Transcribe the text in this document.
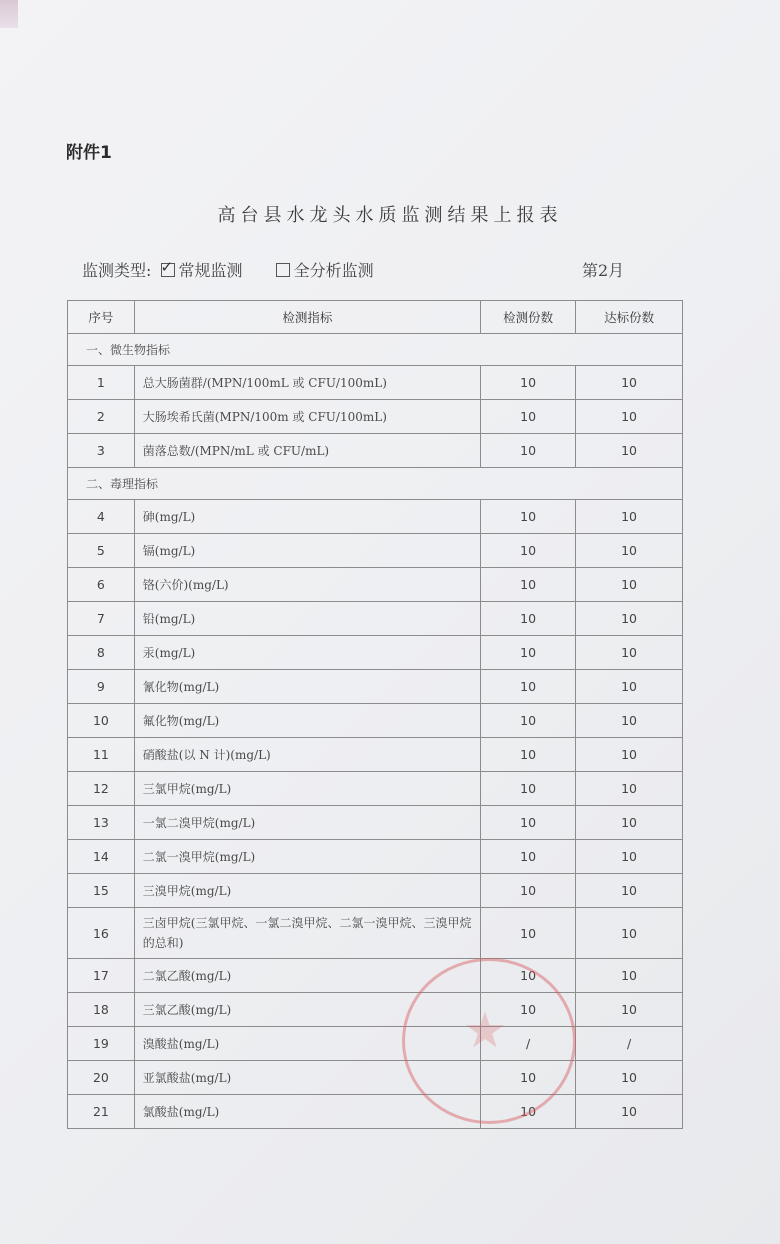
附件1
高台县水龙头水质监测结果上报表
监测类型: ✓ 常规监测	全分析监测	第2月
序号	检测指标	检测份数	达标份数
一、微生物指标			
1	总大肠菌群/(MPN/100mL 或 CFU/100mL)	10	10
2	大肠埃希氏菌(MPN/100m 或 CFU/100mL)	10	10
3	菌落总数/(MPN/mL 或 CFU/mL)	10	10
二、毒理指标			
4	砷(mg/L)	10	10
5	镉(mg/L)	10	10
6	铬(六价)(mg/L)	10	10
7	铅(mg/L)	10	10
8	汞(mg/L)	10	10
9	氰化物(mg/L)	10	10
10	氟化物(mg/L)	10	10
11	硝酸盐(以 N 计)(mg/L)	10	10
12	三氯甲烷(mg/L)	10	10
13	一氯二溴甲烷(mg/L)	10	10
14	二氯一溴甲烷(mg/L)	10	10
15	三溴甲烷(mg/L)	10	10
16	三卤甲烷(三氯甲烷、一氯二溴甲烷、二氯一溴甲烷、三溴甲烷的总和)	10	10
17	二氯乙酸(mg/L)	10	10
18	三氯乙酸(mg/L)	10	10
19	溴酸盐(mg/L)	/	/
20	亚氯酸盐(mg/L)	10	10
21	氯酸盐(mg/L)	10	10
